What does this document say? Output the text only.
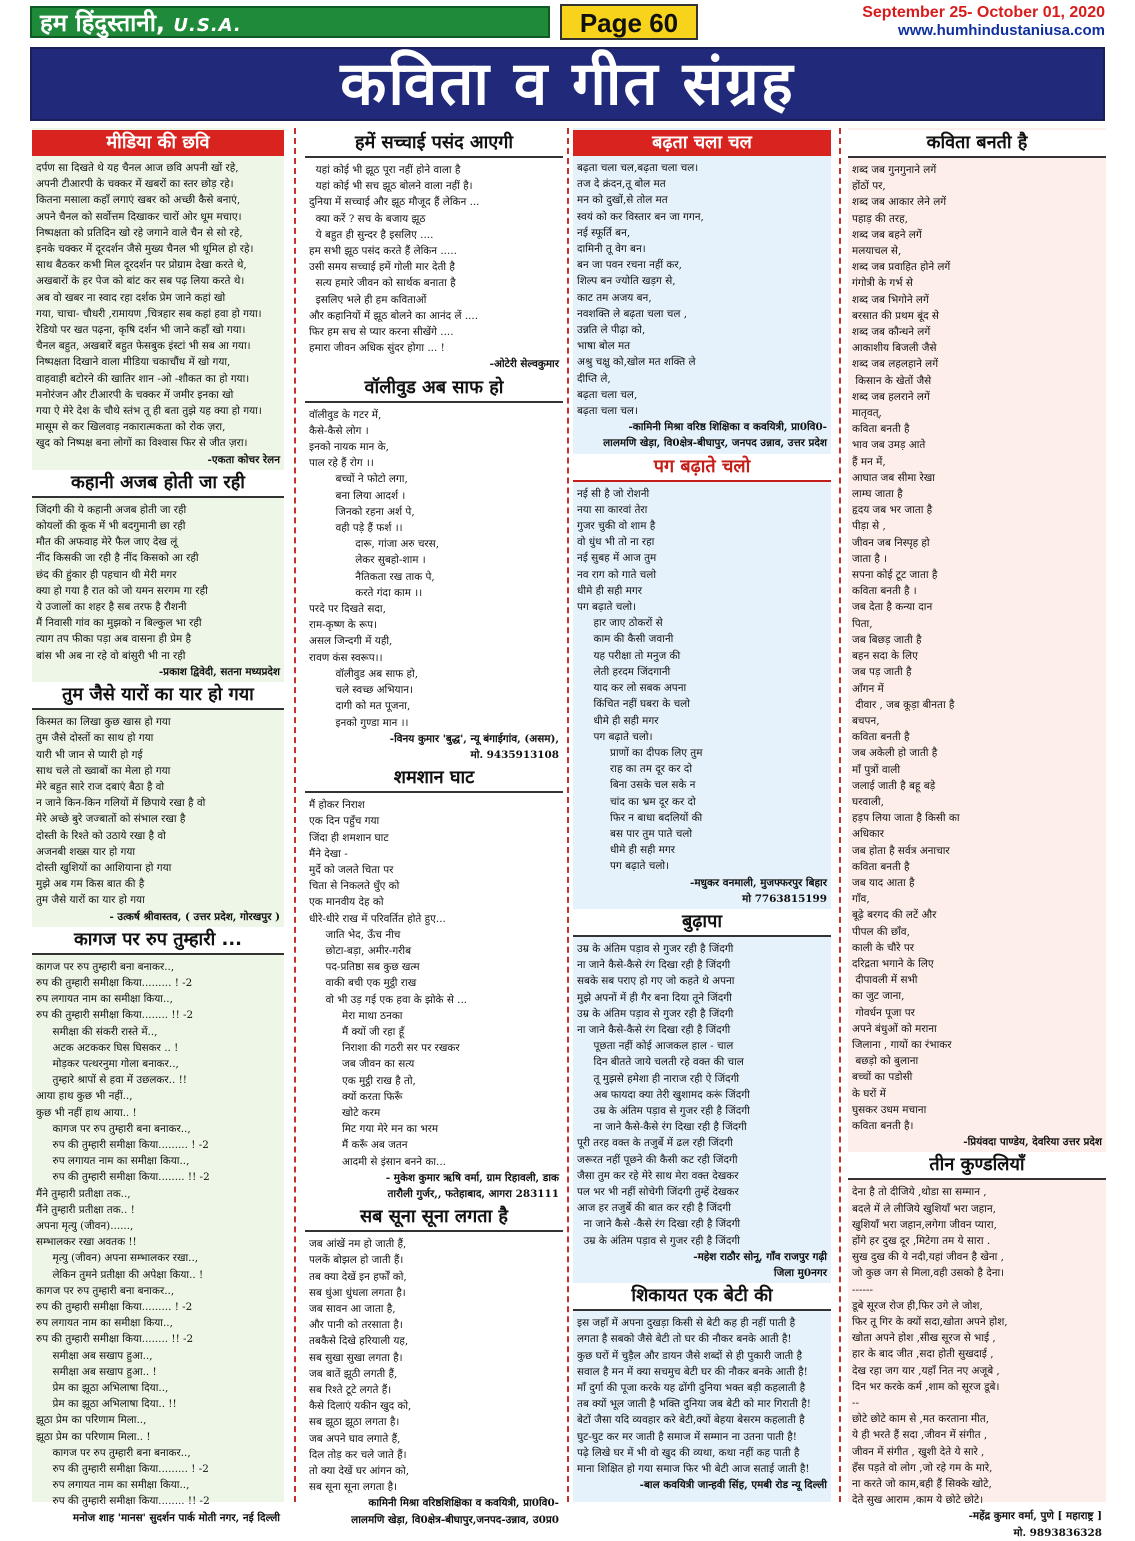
हम हिंदुस्तानी, U.S.A.	Page 60	September 25- October 01, 2020
www.humhindustaniusa.com
कविता व गीत संग्रह
मीडिया की छवि
दर्पण सा दिखते थे यह चैनल आज छवि अपनी खों रहे,
अपनी टीआरपी के चक्कर में खबरों का स्तर छोड़ रहे।
कितना मसाला कहाँ लगाएं खबर को अच्छी कैसे बनाएं,
अपने चैनल को सर्वोत्तम दिखाकर चारों ओर धूम मचाए।
निष्पक्षता को प्रतिदिन खो रहे जगाने वाले चैन से सो रहे,
इनके चक्कर में दूरदर्शन जैसे मुख्य चैनल भी धूमिल हो रहे।
साथ बैठकर कभी मिल दूरदर्शन पर प्रोग्राम देखा करते थे,
अखबारों के हर पेज को बांट कर सब पढ़ लिया करते थे।
अब वो खबर ना स्वाद रहा दर्शक प्रेम जाने कहां खो
गया, चाचा- चौधरी ,रामायण ,चित्रहार सब कहां हवा हो गया।
रेडियो पर खत पढ़ना, कृषि दर्शन भी जाने कहाँ खो गया।
चैनल बहुत, अखबारें बहुत फेसबुक इंस्टां भी सब आ गया।
निष्पक्षता दिखाने वाला मीडिया चकाचौंध में खो गया,
वाहवाही बटोरने की खातिर शान -ओ -शौकत का हो गया।
मनोरंजन और टीआरपी के चक्कर में जमीर इनका खो
गया ऐ मेरे देश के चौथे स्तंभ तू ही बता तुझे यह क्या हो गया।
मासूम से कर खिलवाड़ नकारात्मकता को रोक ज़रा,
खुद को निष्पक्ष बना लोगों का विश्वास फिर से जीत ज़रा।
-एकता कोचर रेलन
कहानी अजब होती जा रही
जिंदगी की ये कहानी अजब होती जा रही
कोयलों की कूक में भी बदगुमानी छा रही
मौत की अफवाह मेरे फैल जाए देख लूं
नींद किसकी जा रही है नींद किसको आ रही
छंद की हुंकार ही पहचान थी मेरी मगर
क्या हो गया है रात को जो यमन सरगम गा रही
ये उजालों का शहर है सब तरफ है रौशनी
मैं निवासी गांव का मुझको न बिल्कुल भा रही
त्याग तप फीका पड़ा अब वासना ही प्रेम है
बांस भी अब ना रहे वो बांसुरी भी ना रही
-प्रकाश द्विवेदी, सतना मध्यप्रदेश
तुम जैसे यारों का यार हो गया
किस्मत का लिखा कुछ खास हो गया
तुम जैसे दोस्तों का साथ हो गया
यारी भी जान से प्यारी हो गई
साथ चले तो ख्वाबों का मेला हो गया
मेरे बहुत सारे राज दबाएं बैठा है वो
न जाने किन-किन गलियों में छिपाये रखा है वो
मेरे अच्छे बुरे जज्बातों को संभाल रखा है
दोस्ती के रिश्ते को उठाये रखा है वो
अजनबी शख्स यार हो गया
दोस्ती खुशियों का आशियाना हो गया
मुझे अब गम किस बात की है
तुम जैसे यारों का यार हो गया
- उत्कर्ष श्रीवास्तव, ( उत्तर प्रदेश, गोरखपुर )
कागज पर रुप तुम्हारी ...
कागज पर रुप तुम्हारी बना बनाकर..,
रुप की तुम्हारी समीक्षा किया......... ! -2
रुप लगायत नाम का समीक्षा किया..,
रुप की तुम्हारी समीक्षा किया........ !! -2
समीक्षा की संकरी रास्ते में..,
अटक अटककर घिस घिसकर .. !
मोड़कर पत्थरनुमा गोला बनाकर..,
तुम्हारे श्रापों से हवा में उछलकर.. !!
आया हाथ कुछ भी नहीं..,
कुछ भी नहीं हाथ आया.. !
कागज पर रुप तुम्हारी बना बनाकर..,
रुप की तुम्हारी समीक्षा किया......... ! -2
रुप लगायत नाम का समीक्षा किया..,
रुप की तुम्हारी समीक्षा किया........ !! -2
मैंने तुम्हारी प्रतीक्षा तक..,
मैंने तुम्हारी प्रतीक्षा तक.. !
अपना मृत्यु (जीवन)......,
सम्भालकर रखा अवतक !!
मृत्यु (जीवन) अपना सम्भालकर रखा..,
लेकिन तुमने प्रतीक्षा की अपेक्षा किया.. !
कागज पर रुप तुम्हारी बना बनाकर..,
रुप की तुम्हारी समीक्षा किया......... ! -2
रुप लगायत नाम का समीक्षा किया..,
रुप की तुम्हारी समीक्षा किया........ !! -2
समीक्षा अब सखाप हुआ..,
समीक्षा अब सखाप हुआ.. !
प्रेम का झूठा अभिलाषा दिया..,
प्रेम का झूठा अभिलाषा दिया.. !!
झूठा प्रेम का परिणाम मिला..,
झूठा प्रेम का परिणाम मिला.. !
कागज पर रुप तुम्हारी बना बनाकर..,
रुप की तुम्हारी समीक्षा किया......... ! -2
रुप लगायत नाम का समीक्षा किया..,
रुप की तुम्हारी समीक्षा किया........ !! -2
मनोज शाह 'मानस' सुदर्शन पार्क मोती नगर, नई दिल्ली
हमें सच्चाई पसंद आएगी
यहां कोई भी झूठ पूरा नहीं होने वाला है
यहां कोई भी सच झूठ बोलने वाला नहीं है।
दुनिया में सच्चाई और झूठ मौजूद हैं लेकिन ...
क्या करें ? सच के बजाय झूठ
ये बहुत ही सुन्दर है इसलिए ....
हम सभी झूठ पसंद करते हैं लेकिन .....
उसी समय सच्चाई हमें गोली मार देती है
सत्य हमारे जीवन को सार्थक बनाता है
इसलिए भले ही हम कविताओं
और कहानियों में झूठ बोलने का आनंद लें ....
फिर हम सच से प्यार करना सीखेंगे ....
हमारा जीवन अधिक सुंदर होगा ... !
-ओटेरी सेल्वकुमार
वॉलीवुड अब साफ हो
वॉलीवुड के गटर में,
कैसे-कैसे लोग ।
इनको नायक मान के,
पाल रहे हैं रोग ।।
बच्चों ने फोटो लगा,
बना लिया आदर्श ।
जिनको रहना अर्श पे,
वही पड़े हैं फर्श ।।
दारू, गांजा अरु चरस,
लेकर सुबहो-शाम ।
नैतिकता रख ताक पे,
करते गंदा काम ।।
परदे पर दिखते सदा,
राम-कृष्ण के रूप।
असल जिन्दगी में यही,
रावण कंस स्वरूप।।
वॉलीवुड अब साफ हो,
चले स्वच्छ अभियान।
दागी को मत पूजना,
इनको गुण्डा मान ।।
-विनय कुमार 'बुद्ध', न्यू बंगाईगांव, (असम),
मो. 9435913108
शमशान घाट
मैं होकर निराश
एक दिन पहुँच गया
जिंदा ही शमशान घाट
मैंने देखा -
मुर्दे को जलते चिता पर
चिता से निकलते धुँए को
एक मानवीय देह को
धीरे-धीरे राख में परिवर्तित होते हुए...
जाति भेद, ऊँच नीच
छोटा-बड़ा, अमीर-गरीब
पद-प्रतिष्ठा सब कुछ खत्म
वाकी बची एक मुट्ठी राख
वो भी उड़ गई एक हवा के झोके से ...
मेरा माथा ठनका
मैं क्यों जी रहा हूँ
निराशा की गठरी सर पर रखकर
जब जीवन का सत्य
एक मुट्ठी राख है तो,
क्यों करता फिरूँ
खोटे करम
मिट गया मेरे मन का भरम
मैं करूँ अब जतन
आदमी से इंसान बनने का...
- मुकेश कुमार ऋषि वर्मा, ग्राम रिहावली, डाक
तारौली गुर्जर,, फतेहाबाद, आगरा 283111
सब सूना सूना लगता है
जब आंखें नम हो जाती हैं,
पलकें बोझल हो जाती हैं।
तब क्या देखें इन हर्फों को,
सब धुंआ धुंधला लगता है।
जब सावन आ जाता है,
और पानी को तरसाता है।
तबकैसे दिखे हरियाली यह,
सब सुखा सुखा लगता है।
जब बातें झूठी लगती हैं,
सब रिश्ते टूटे लगते हैं।
कैसे दिलाएं यकीन खुद को,
सब झूठा झूठा लगता है।
जब अपने घाव लगाते हैं,
दिल तोड़ कर चले जाते हैं।
तो क्या देखें घर आंगन को,
सब सूना सूना लगता है।
कामिनी मिश्रा वरिष्ठशिक्षिका व कवयित्री, प्रा0वि0-
लालमणि खेड़ा, वि0क्षेत्र-बीघापुर,जनपद-उन्नाव, उ0प्र0
बढ़ता चला चल
बढ़ता चला चल,बढ़ता चला चल।
तज दे क्रंदन,तू बोल मत
मन को दुखों,से तोल मत
स्वयं को कर विस्तार बन जा गगन,
नई स्फूर्ति बन,
दामिनी तू वेग बन।
बन जा पवन रचना नहीं कर,
शिल्प बन ज्योति खड़ग से,
काट तम अजय बन,
नवशक्ति ले बढ़ता चला चल ,
उन्नति ले पीढ़ा को,
भाषा बोल मत
अश्रु चक्षु को,खोल मत शक्ति ले
दीप्ति ले,
बढ़ता चला चल,
बढ़ता चला चल।
-कामिनी मिश्रा वरिष्ठ शिक्षिका व कवयित्री, प्रा0वि0-
लालमणि खेड़ा, वि0क्षेत्र-बीघापुर, जनपद उन्नाव, उत्तर प्रदेश
पग बढ़ाते चलो
नई सी है जो रोशनी
नया सा कारवां तेरा
गुजर चुकी वो शाम है
वो धुंध भी तो ना रहा
नई सुबह में आज तुम
नव राग को गाते चलो
धीमे ही सही मगर
पग बढ़ाते चलो।
हार जाए ठोकरों से
काम की कैसी जवानी
यह परीक्षा तो मनुज की
लेती हरदम जिंदगानी
याद कर लो सबक अपना
किंचित नहीं घबरा के चलो
धीमे ही सही मगर
पग बढ़ाते चलो।
प्राणों का दीपक लिए तुम
राह का तम दूर कर दो
बिना उसके चल सके न
चांद का भ्रम दूर कर दो
फिर न बाधा बदलियों की
बस पार तुम पाते चलो
धीमे ही सही मगर
पग बढ़ाते चलो।
-मधुकर वनमाली, मुजफ्फरपुर बिहार
मो 7763815199
बुढ़ापा
उम्र के अंतिम पड़ाव से गुजर रही है जिंदगी
ना जाने कैसे-कैसे रंग दिखा रही है जिंदगी
सबके सब पराए हो गए जो कहते थे अपना
मुझे अपनों में ही गैर बना दिया तूने जिंदगी
उम्र के अंतिम पड़ाव से गुजर रही है जिंदगी
ना जाने कैसे-कैसे रंग दिखा रही है जिंदगी
पूछता नहीं कोई आजकल हाल - चाल
दिन बीतते जाये चलती रहे वक्त की चाल
तू मुझसे हमेशा ही नाराज रही ऐ जिंदगी
अब फायदा क्या तेरी खुशामद करूं जिंदगी
उम्र के अंतिम पड़ाव से गुजर रही है जिंदगी
ना जाने कैसे-कैसे रंग दिखा रही है जिंदगी
पूरी तरह वक्त के तजुर्बे में ढल रही जिंदगी
जरूरत नहीं पूछने की कैसी कट रही जिंदगी
जैसा तुम कर रहे मेरे साथ मेरा वक्त देखकर
पल भर भी नहीं सोचेगी जिंदगी तुम्हें देखकर
आज हर तजुर्बे की बात कर रही है जिंदगी
ना जाने कैसे -कैसे रंग दिखा रही है जिंदगी
उम्र के अंतिम पड़ाव से गुजर रही है जिंदगी
-महेश राठौर सोनू, गाँव राजपुर गढ़ी
जिला मु0नगर
शिकायत एक बेटी की
इस जहाँ में अपना दुखड़ा किसी से बेटी कह ही नहीं पाती है
लगता है सबको जैसे बेटी तो घर की नौकर बनके आती है!
कुछ घरों में चुड़ैल और डायन जैसे शब्दों से ही पुकारी जाती है
सवाल है मन में क्या सचमुच बेटी घर की नौकर बनके आती है!
माँ दुर्गा की पूजा करके यह ढोंगी दुनिया भक्त बड़ी कहलाती है
तब क्यों भूल जाती है भक्ति दुनिया जब बेटी को मार गिराती है!
बेटों जैसा यदि व्यवहार करे बेटी,क्यों बेहया बेसरम कहलाती है
घुट-घुट कर मर जाती है समाज में सम्मान ना उतना पाती है!
पढ़े लिखे घर में भी वो खुद की व्यथा, कथा नहीं कह पाती है
माना शिक्षित हो गया समाज फिर भी बेटी आज सताई जाती है!
-बाल कवयित्री जान्हवी सिंह, एमबी रोड न्यू दिल्ली
कविता बनती है
शब्द जब गुनगुनाने लगें
होंठों पर,
शब्द जब आकार लेने लगें
पहाड़ की तरह,
शब्द जब बहने लगें
मलयाचल से,
शब्द जब प्रवाहित होने लगें
गंगोत्री के गर्भ से
शब्द जब भिगोने लगें
बरसात की प्रथम बूंद से
शब्द जब कौन्धने लगें
आकाशीय बिजली जैसे
शब्द जब लहलहाने लगें
किसान के खेतों जैसे
शब्द जब हलराने लगें
मातृवत्,
कविता बनती है
भाव जब उमड़ आते
हैं मन में,
आघात जब सीमा रेखा
लाम्घ जाता है
हृदय जब भर जाता है
पीड़ा से ,
जीवन जब निस्पृह हो
जाता है ।
सपना कोई टूट जाता है
कविता बनती है ।
जब देता है कन्या दान
पिता,
जब बिछड़ जाती है
बहन सदा के लिए
जब पड़ जाती है
आँगन में
दीवार , जब कूड़ा बीनता है
बचपन,
कविता बनती है
जब अकेली हो जाती है
माँ पुत्रों वाली
जलाई जाती है बहू बड़े
घरवाली,
हड़प लिया जाता है किसी का
अधिकार
जब होता है सर्वत्र अनाचार
कविता बनती है
जब याद आता है
गाँव,
बूढ़े बरगद की लटें और
पीपल की छाँव,
काली के चौरे पर
दरिद्रता भगाने के लिए
दीपावली में सभी
का जुट जाना,
गोवर्धन पूजा पर
अपने बंधुओं को मराना
जिलाना , गायों का रंभाकर
बछड़ो को बुलाना
बच्चों का पडोसी
के घरों में
घुसकर उधम मचाना
कविता बनती है।
-प्रियंवदा पाण्डेय, देवरिया उत्तर प्रदेश
तीन कुण्डलियाँ
देना है तो दीजिये ,थोडा सा सम्मान ,
बदले में ले लीजिये खुशियाँ भरा जहान,
खुशियाँ भरा जहान,लगेगा जीवन प्यारा,
होंगे हर दुख दूर ,मिटेगा तम ये सारा .
सुख दुख की ये नदी,यहां जीवन है खेना ,
जो कुछ जग से मिला,वही उसको है देना।
------
डूबे सूरज रोज ही,फिर उगे ले जोश,
फिर तू गिर के क्यों सदा,खोता अपने होश,
खोता अपने होश ,सीख सूरज से भाई ,
हार के बाद जीत ,सदा होती सुखदाई ,
देख रहा जग यार ,यहाँ नित नए अजूबे ,
दिन भर करके कर्म ,शाम को सूरज डूबे।
--
छोटे छोटे काम से ,मत करताना मीत,
ये ही भरते हैं सदा ,जीवन में संगीत ,
जीवन में संगीत , खुशी देते ये सारे ,
हँस पड़ते वो लोग ,जो रहे गम के मारे,
ना करते जो काम,बही हैं सिक्के खोटे,
देते सुख आराम ,काम ये छोटे छोटे।
-महेंद्र कुमार वर्मा, पुणे [ महाराष्ट्र ]
मो. 9893836328
